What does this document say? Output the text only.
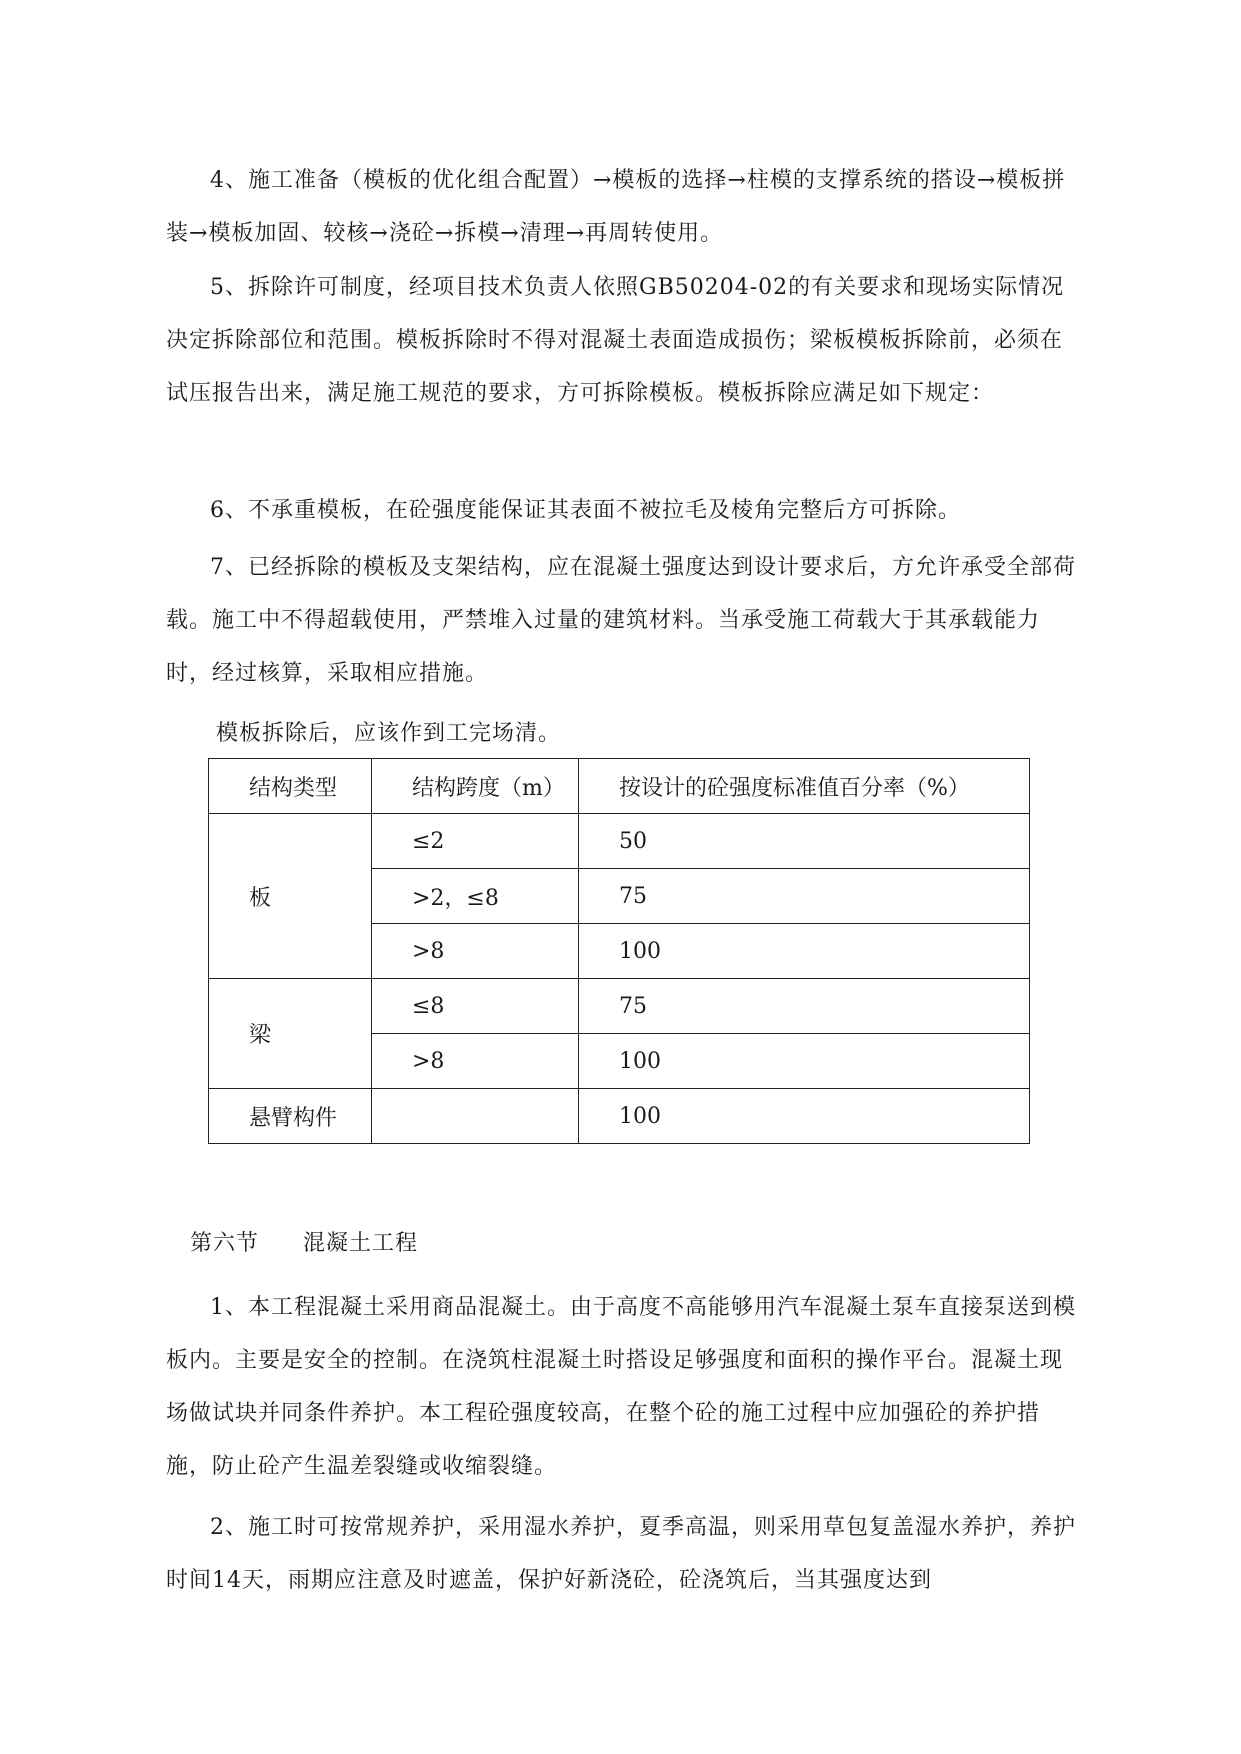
4、施工准备（模板的优化组合配置）→模板的选择→柱模的支撑系统的搭设→模板拼装→模板加固、较核→浇砼→拆模→清理→再周转使用。

5、拆除许可制度，经项目技术负责人依照GB50204-02的有关要求和现场实际情况决定拆除部位和范围。模板拆除时不得对混凝土表面造成损伤；梁板模板拆除前，必须在试压报告出来，满足施工规范的要求，方可拆除模板。模板拆除应满足如下规定：

6、不承重模板，在砼强度能保证其表面不被拉毛及棱角完整后方可拆除。

7、已经拆除的模板及支架结构，应在混凝土强度达到设计要求后，方允许承受全部荷载。施工中不得超载使用，严禁堆入过量的建筑材料。当承受施工荷载大于其承载能力时，经过核算，采取相应措施。

模板拆除后，应该作到工完场清。

结构类型	结构跨度（m）	按设计的砼强度标准值百分率（%）
板	≤2	50
	>2，≤8	75
	>8	100
梁	≤8	75
	>8	100
悬臂构件		100
第六节 混凝土工程

1、本工程混凝土采用商品混凝土。由于高度不高能够用汽车混凝土泵车直接泵送到模板内。主要是安全的控制。在浇筑柱混凝土时搭设足够强度和面积的操作平台。混凝土现场做试块并同条件养护。本工程砼强度较高，在整个砼的施工过程中应加强砼的养护措施，防止砼产生温差裂缝或收缩裂缝。

2、施工时可按常规养护，采用湿水养护，夏季高温，则采用草包复盖湿水养护，养护时间14天，雨期应注意及时遮盖，保护好新浇砼，砼浇筑后，当其强度达到
